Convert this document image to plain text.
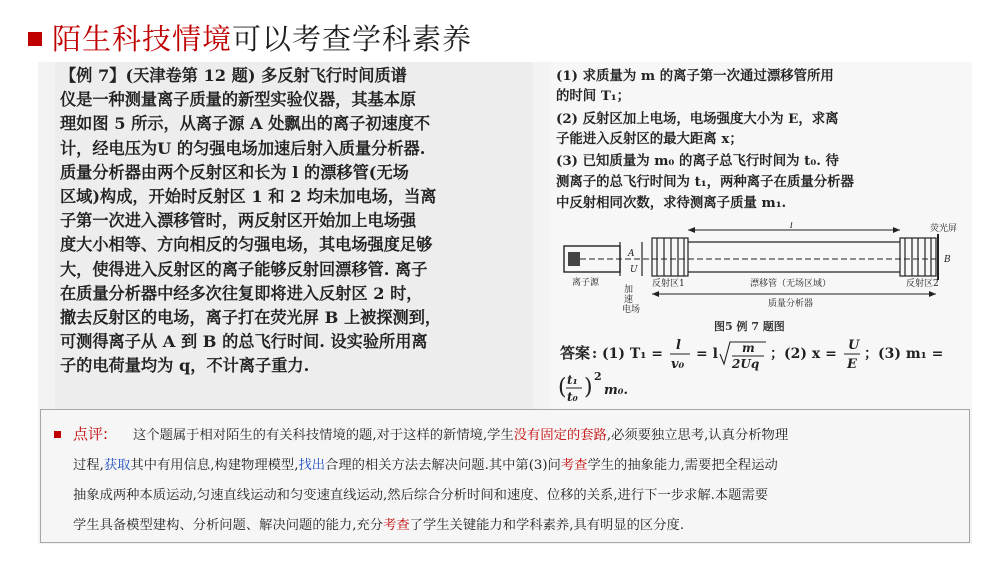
陌生科技情境可以考查学科素养

【例 7】(天津卷第 12 题) 多反射飞行时间质谱

仪是一种测量离子质量的新型实验仪器，其基本原

理如图 5 所示，从离子源 A 处飘出的离子初速度不

计，经电压为U 的匀强电场加速后射入质量分析器.

质量分析器由两个反射区和长为 l 的漂移管(无场

区域)构成，开始时反射区 1 和 2 均未加电场，当离

子第一次进入漂移管时，两反射区开始加上电场强

度大小相等、方向相反的匀强电场，其电场强度足够

大，使得进入反射区的离子能够反射回漂移管. 离子

在质量分析器中经多次往复即将进入反射区 2 时，

撤去反射区的电场，离子打在荧光屏 B 上被探测到，

可测得离子从 A 到 B 的总飞行时间. 设实验所用离

子的电荷量均为 q，不计离子重力.

(1) 求质量为 m 的离子第一次通过漂移管所用
的时间 T₁；
(2) 反射区加上电场，电场强度大小为 E，求离
子能进入反射区的最大距离 x；
(3) 已知质量为 m₀ 的离子总飞行时间为 t₀. 待
测离子的总飞行时间为 t₁，两种离子在质量分析器
中反射相同次数，求待测离子质量 m₁.
离子源
A
U
加
速
电场
反射区1	漂移管（无场区域）
l
反射区2
荧光屏
B
质量分析器
图5 例 7 题图
答案 : (1) T₁ =
l
v₀
= l m
2Uq
；(2) x =
U
E
；(3) m₁ =
( t₁
t₀ ) 2
m₀.
点评: 这个题属于相对陌生的有关科技情境的题,对于这样的新情境,学生没有固定的套路,必须要独立思考,认真分析物理
过程,获取其中有用信息,构建物理模型,找出合理的相关方法去解决问题.其中第(3)问考查学生的抽象能力,需要把全程运动
抽象成两种本质运动,匀速直线运动和匀变速直线运动,然后综合分析时间和速度、位移的关系,进行下一步求解.本题需要
学生具备模型建构、分析问题、解决问题的能力,充分考查了学生关键能力和学科素养,具有明显的区分度.
